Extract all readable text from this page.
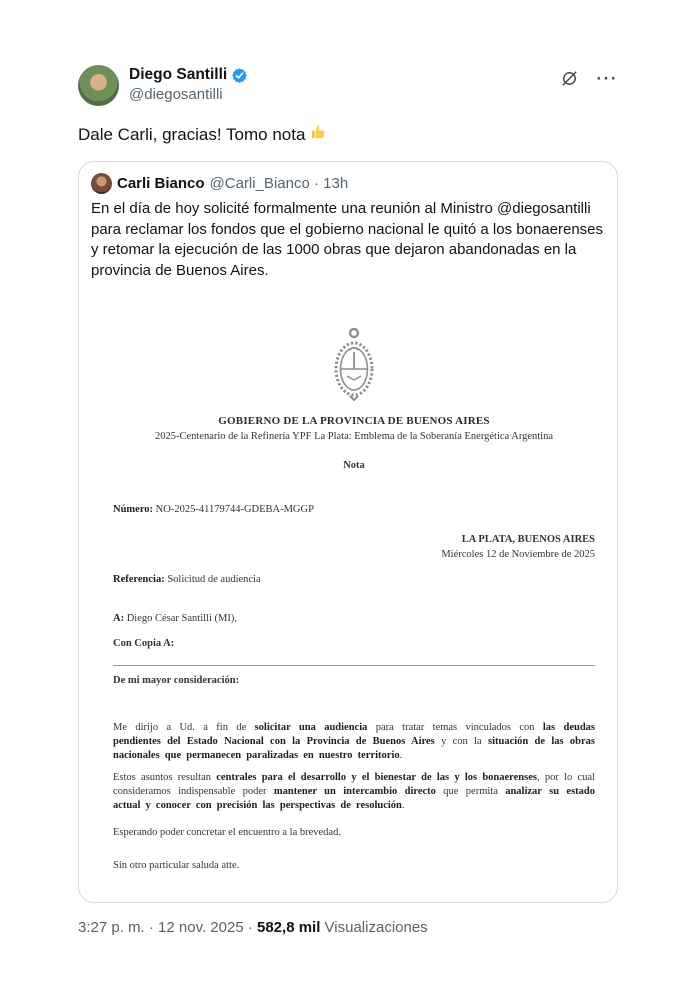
Diego Santilli
@diegosantilli
···
Dale Carli, gracias! Tomo nota
Carli Bianco @Carli_Bianco · 13h
En el día de hoy solicité formalmente una reunión al Ministro @diegosantilli para reclamar los fondos que el gobierno nacional le quitó a los bonaerenses y retomar la ejecución de las 1000 obras que dejaron abandonadas en la provincia de Buenos Aires.
GOBIERNO DE LA PROVINCIA DE BUENOS AIRES
2025-Centenario de la Refinería YPF La Plata: Emblema de la Soberanía Energética Argentina
Nota
Número: NO-2025-41179744-GDEBA-MGGP
LA PLATA, BUENOS AIRES
Miércoles 12 de Noviembre de 2025
Referencia: Solicitud de audiencia
A: Diego César Santilli (MI),
Con Copia A:
De mi mayor consideración:

Me dirijo a Ud. a fin de solicitar una audiencia para tratar temas vinculados con las deudas pendientes del Estado Nacional con la Provincia de Buenos Aires y con la situación de las obras nacionales que permanecen paralizadas en nuestro territorio.

Estos asuntos resultan centrales para el desarrollo y el bienestar de las y los bonaerenses, por lo cual consideramos indispensable poder mantener un intercambio directo que permita analizar su estado actual y conocer con precisión las perspectivas de resolución.

Esperando poder concretar el encuentro a la brevedad.
Sin otro particular saluda atte.
3:27 p. m. · 12 nov. 2025 · 582,8 mil Visualizaciones
